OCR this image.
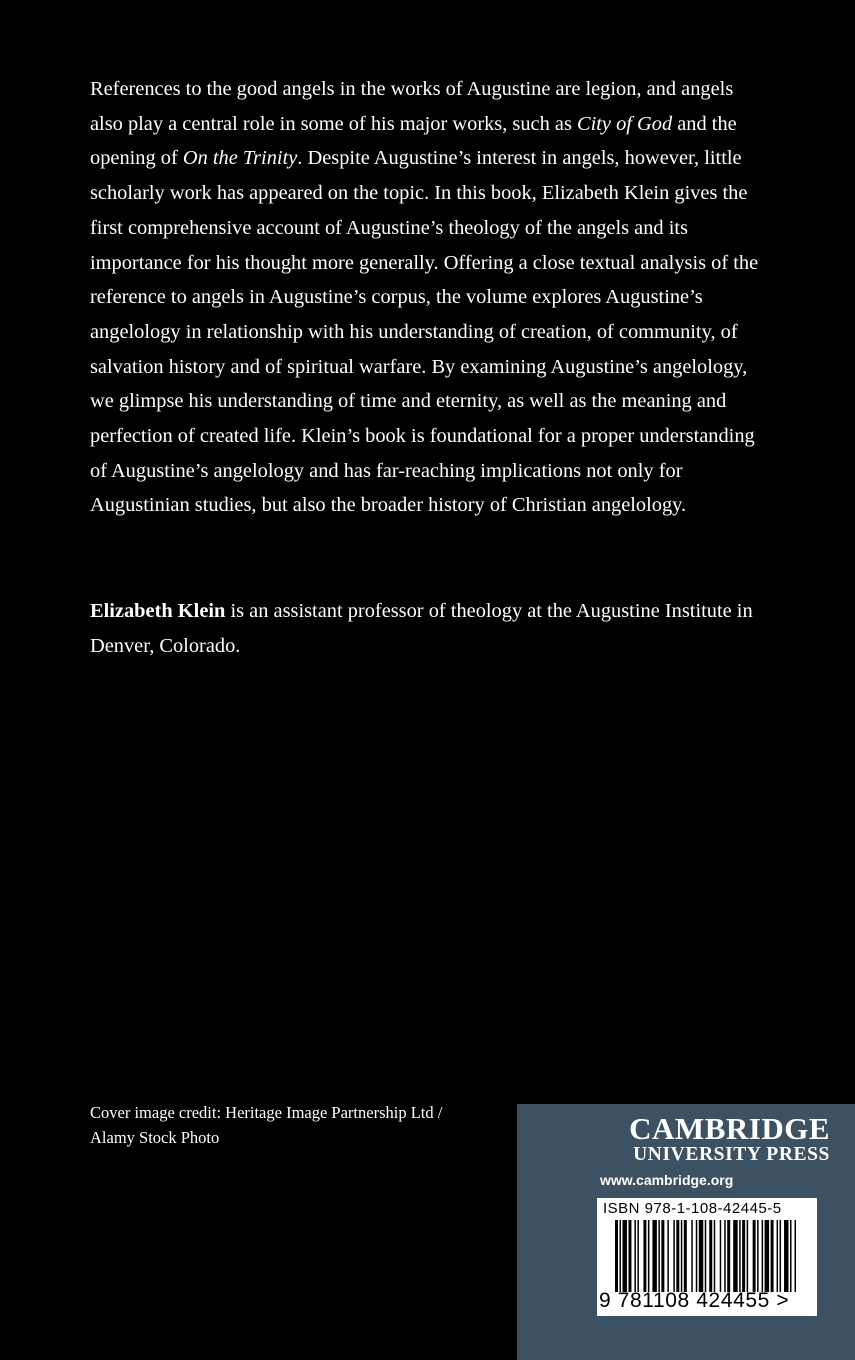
References to the good angels in the works of Augustine are legion, and angels also play a central role in some of his major works, such as City of God and the opening of On the Trinity. Despite Augustine’s interest in angels, however, little scholarly work has appeared on the topic. In this book, Elizabeth Klein gives the first comprehensive account of Augustine’s theology of the angels and its importance for his thought more generally. Offering a close textual analysis of the reference to angels in Augustine’s corpus, the volume explores Augustine’s angelology in relationship with his understanding of creation, of community, of salvation history and of spiritual warfare. By examining Augustine’s angelology, we glimpse his understanding of time and eternity, as well as the meaning and perfection of created life. Klein’s book is foundational for a proper understanding of Augustine’s angelology and has far-reaching implications not only for Augustinian studies, but also the broader history of Christian angelology.

Elizabeth Klein is an assistant professor of theology at the Augustine Institute in Denver, Colorado.

Cover image credit: Heritage Image Partnership Ltd / Alamy Stock Photo	CAMBRIDGE
UNIVERSITY PRESS
www.cambridge.org
ISBN 978-1-108-42445-5
9 781108 424455 >
